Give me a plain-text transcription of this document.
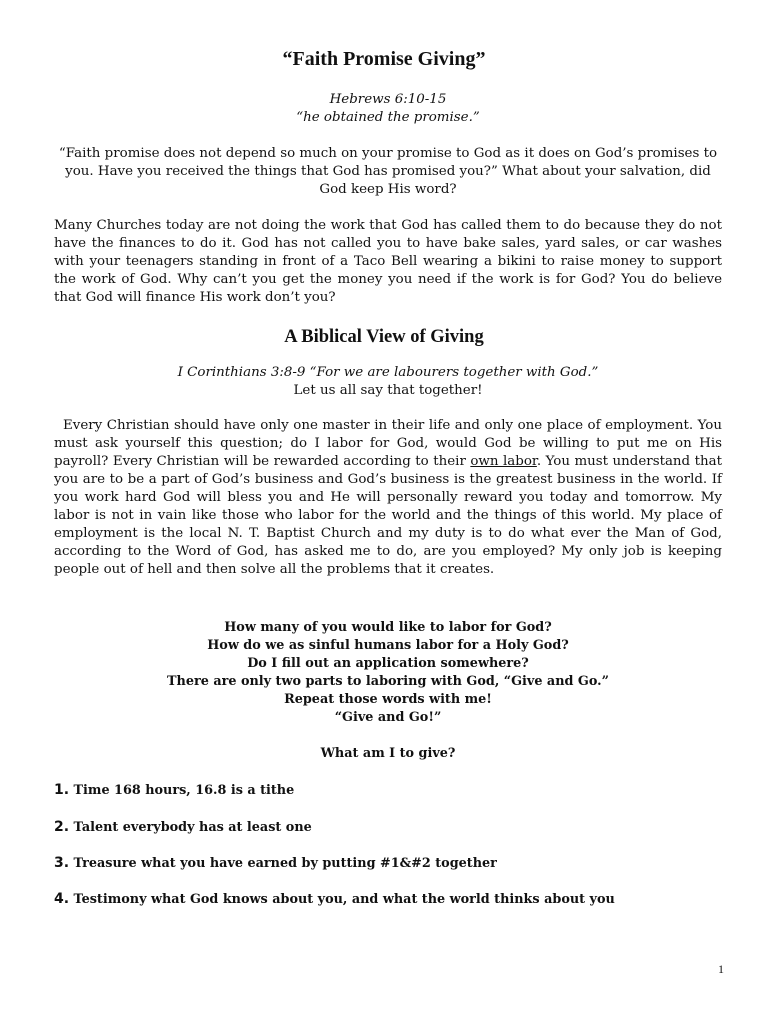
“Faith Promise Giving”
Hebrews 6:10-15
“he obtained the promise.”
“Faith promise does not depend so much on your promise to God as it does on God’s promises to you. Have you received the things that God has promised you?” What about your salvation, did God keep His word?

Many Churches today are not doing the work that God has called them to do because they do not have the finances to do it. God has not called you to have bake sales, yard sales, or car washes with your teenagers standing in front of a Taco Bell wearing a bikini to raise money to support the work of God. Why can’t you get the money you need if the work is for God? You do believe that God will finance His work don’t you?

A Biblical View of Giving
I Corinthians 3:8-9 “For we are labourers together with God.”
Let us all say that together!

Every Christian should have only one master in their life and only one place of employment. You must ask yourself this question; do I labor for God, would God be willing to put me on His payroll? Every Christian will be rewarded according to their own labor. You must understand that you are to be a part of God’s business and God’s business is the greatest business in the world. If you work hard God will bless you and He will personally reward you today and tomorrow. My labor is not in vain like those who labor for the world and the things of this world. My place of employment is the local N. T. Baptist Church and my duty is to do what ever the Man of God, according to the Word of God, has asked me to do, are you employed? My only job is keeping people out of hell and then solve all the problems that it creates.

How many of you would like to labor for God?
How do we as sinful humans labor for a Holy God?
Do I fill out an application somewhere?
There are only two parts to laboring with God, “Give and Go.”
Repeat those words with me!
“Give and Go!”
What am I to give?
1. Time 168 hours, 16.8 is a tithe
2. Talent everybody has at least one
3. Treasure what you have earned by putting #1&#2 together
4. Testimony what God knows about you, and what the world thinks about you
1
